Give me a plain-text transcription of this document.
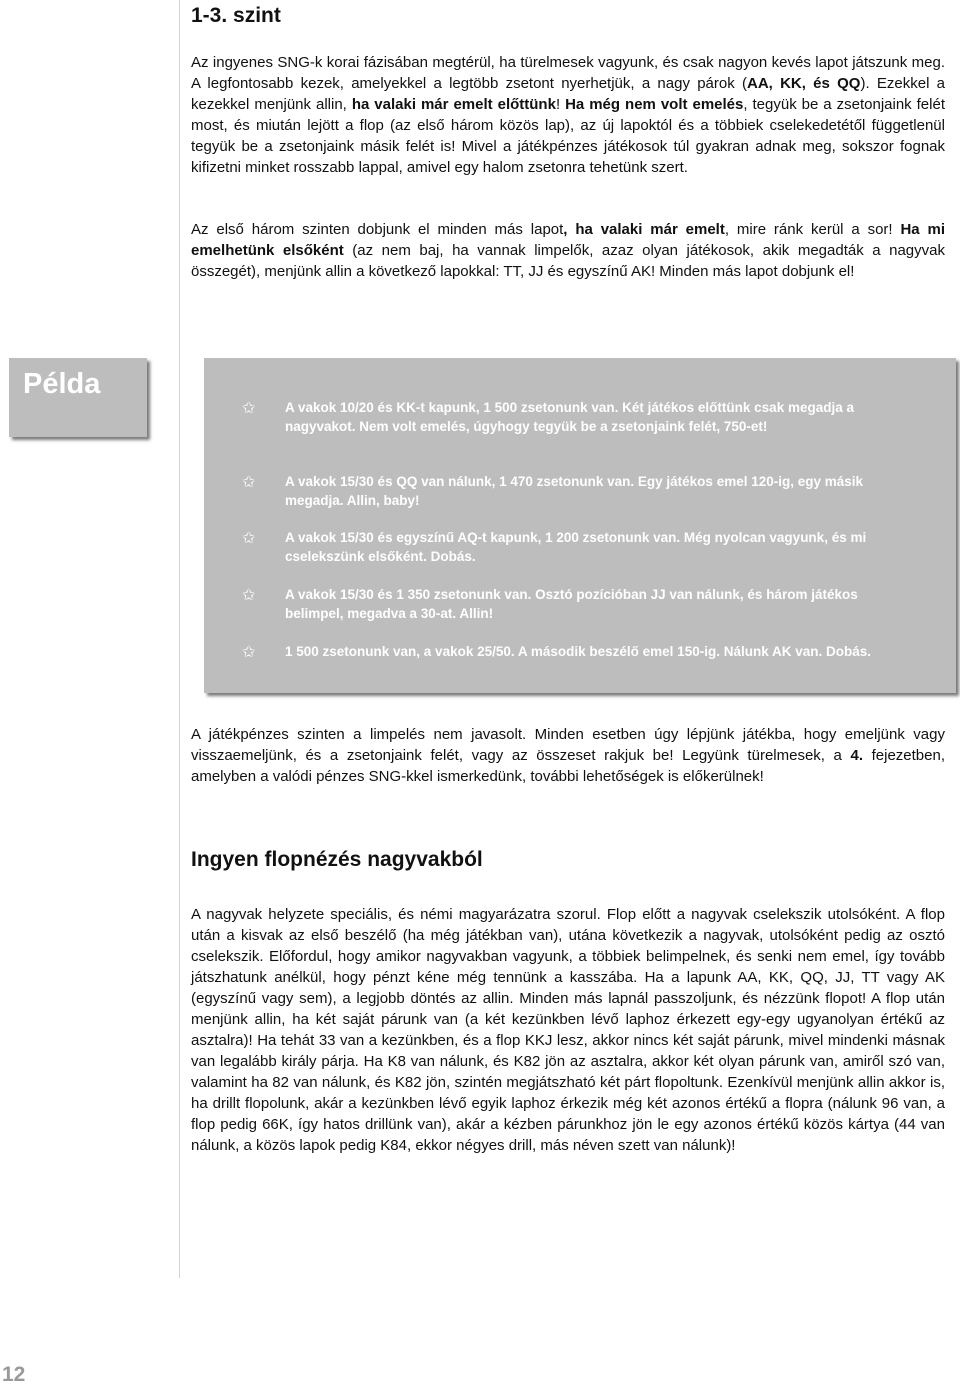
1-3. szint

Az ingyenes SNG-k korai fázisában megtérül, ha türelmesek vagyunk, és csak nagyon kevés lapot játszunk meg. A legfontosabb kezek, amelyekkel a legtöbb zsetont nyerhetjük, a nagy párok (AA, KK, és QQ). Ezekkel a kezekkel menjünk allin, ha valaki már emelt előttünk! Ha még nem volt emelés, tegyük be a zsetonjaink felét most, és miután lejött a flop (az első három közös lap), az új lapoktól és a többiek cselekedetétől függetlenül tegyük be a zsetonjaink másik felét is! Mivel a játékpénzes játékosok túl gyakran adnak meg, sokszor fognak kifizetni minket rosszabb lappal, amivel egy halom zsetonra tehetünk szert.

Az első három szinten dobjunk el minden más lapot, ha valaki már emelt, mire ránk kerül a sor! Ha mi emelhetünk elsőként (az nem baj, ha vannak limpelők, azaz olyan játékosok, akik megadták a nagyvak összegét), menjünk allin a következő lapokkal: TT, JJ és egyszínű AK! Minden más lapot dobjunk el!

Példa
✩ A vakok 10/20 és KK-t kapunk, 1 500 zsetonunk van. Két játékos előttünk csak megadja a nagyvakot. Nem volt emelés, úgyhogy tegyük be a zsetonjaink felét, 750-et!
✩ A vakok 15/30 és QQ van nálunk, 1 470 zsetonunk van. Egy játékos emel 120-ig, egy másik megadja. Allin, baby!
✩ A vakok 15/30 és egyszínű AQ-t kapunk, 1 200 zsetonunk van. Még nyolcan vagyunk, és mi cselekszünk elsőként. Dobás.
✩ A vakok 15/30 és 1 350 zsetonunk van. Osztó pozícióban JJ van nálunk, és három játékos belimpel, megadva a 30-at. Allin!
✩ 1 500 zsetonunk van, a vakok 25/50. A második beszélő emel 150-ig. Nálunk AK van. Dobás.

A játékpénzes szinten a limpelés nem javasolt. Minden esetben úgy lépjünk játékba, hogy emeljünk vagy visszaemeljünk, és a zsetonjaink felét, vagy az összeset rakjuk be! Legyünk türelmesek, a 4. fejezetben, amelyben a valódi pénzes SNG-kkel ismerkedünk, további lehetőségek is előkerülnek!

Ingyen flopnézés nagyvakból

A nagyvak helyzete speciális, és némi magyarázatra szorul. Flop előtt a nagyvak cselekszik utolsóként. A flop után a kisvak az első beszélő (ha még játékban van), utána következik a nagyvak, utolsóként pedig az osztó cselekszik. Előfordul, hogy amikor nagyvakban vagyunk, a többiek belimpelnek, és senki nem emel, így tovább játszhatunk anélkül, hogy pénzt kéne még tennünk a kasszába. Ha a lapunk AA, KK, QQ, JJ, TT vagy AK (egyszínű vagy sem), a legjobb döntés az allin. Minden más lapnál passzoljunk, és nézzünk flopot! A flop után menjünk allin, ha két saját párunk van (a két kezünkben lévő laphoz érkezett egy-egy ugyanolyan értékű az asztalra)! Ha tehát 33 van a kezünkben, és a flop KKJ lesz, akkor nincs két saját párunk, mivel mindenki másnak van legalább király párja. Ha K8 van nálunk, és K82 jön az asztalra, akkor két olyan párunk van, amiről szó van, valamint ha 82 van nálunk, és K82 jön, szintén megjátszható két párt flopoltunk. Ezenkívül menjünk allin akkor is, ha drillt flopolunk, akár a kezünkben lévő egyik laphoz érkezik még két azonos értékű a flopra (nálunk 96 van, a flop pedig 66K, így hatos drillünk van), akár a kézben párunkhoz jön le egy azonos értékű közös kártya (44 van nálunk, a közös lapok pedig K84, ekkor négyes drill, más néven szett van nálunk)!

12
